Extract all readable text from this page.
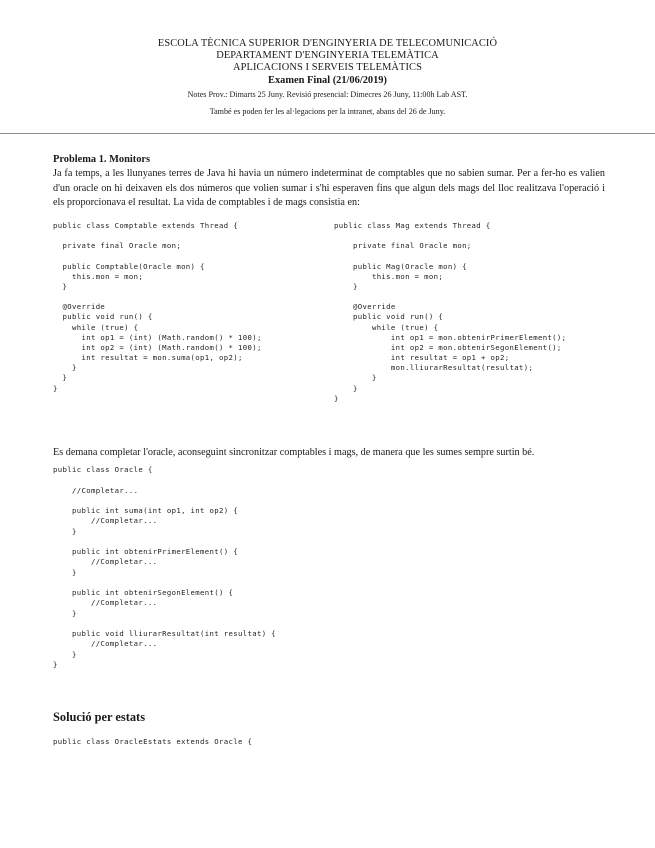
ESCOLA TÈCNICA SUPERIOR D'ENGINYERIA DE TELECOMUNICACIÓ
DEPARTAMENT D'ENGINYERIA TELEMÀTICA
APLICACIONS I SERVEIS TELEMÀTICS
Examen Final (21/06/2019)
Notes Prov.: Dimarts 25 Juny. Revisió presencial: Dimecres 26 Juny, 11:00h Lab AST.
També es poden fer les al·legacions per la intranet, abans del 26 de Juny.
Problema 1. Monitors
Ja fa temps, a les llunyanes terres de Java hi havia un número indeterminat de comptables que no sabien sumar. Per a fer-ho es valien d'un oracle on hi deixaven els dos números que volien sumar i s'hi esperaven fins que algun dels mags del lloc realitzava l'operació i els proporcionava el resultat. La vida de comptables i de mags consistia en:
public class Comptable extends Thread {

private final Oracle mon;

public Comptable(Oracle mon) {
this.mon = mon;
}

@Override
public void run() {
while (true) {
int op1 = (int) (Math.random() * 100);
int op2 = (int) (Math.random() * 100);
int resultat = mon.suma(op1, op2);
}
}
}
public class Mag extends Thread {

private final Oracle mon;

public Mag(Oracle mon) {
this.mon = mon;
}

@Override
public void run() {
while (true) {
int op1 = mon.obtenirPrimerElement();
int op2 = mon.obtenirSegonElement();
int resultat = op1 + op2;
mon.lliurarResultat(resultat);
}
}
}
Es demana completar l'oracle, aconseguint sincronitzar comptables i mags, de manera que les sumes sempre surtin bé.
public class Oracle {

//Completar...

public int suma(int op1, int op2) {
//Completar...
}

public int obtenirPrimerElement() {
//Completar...
}

public int obtenirSegonElement() {
//Completar...
}

public void lliurarResultat(int resultat) {
//Completar...
}
}
Solució per estats
public class OracleEstats extends Oracle {
